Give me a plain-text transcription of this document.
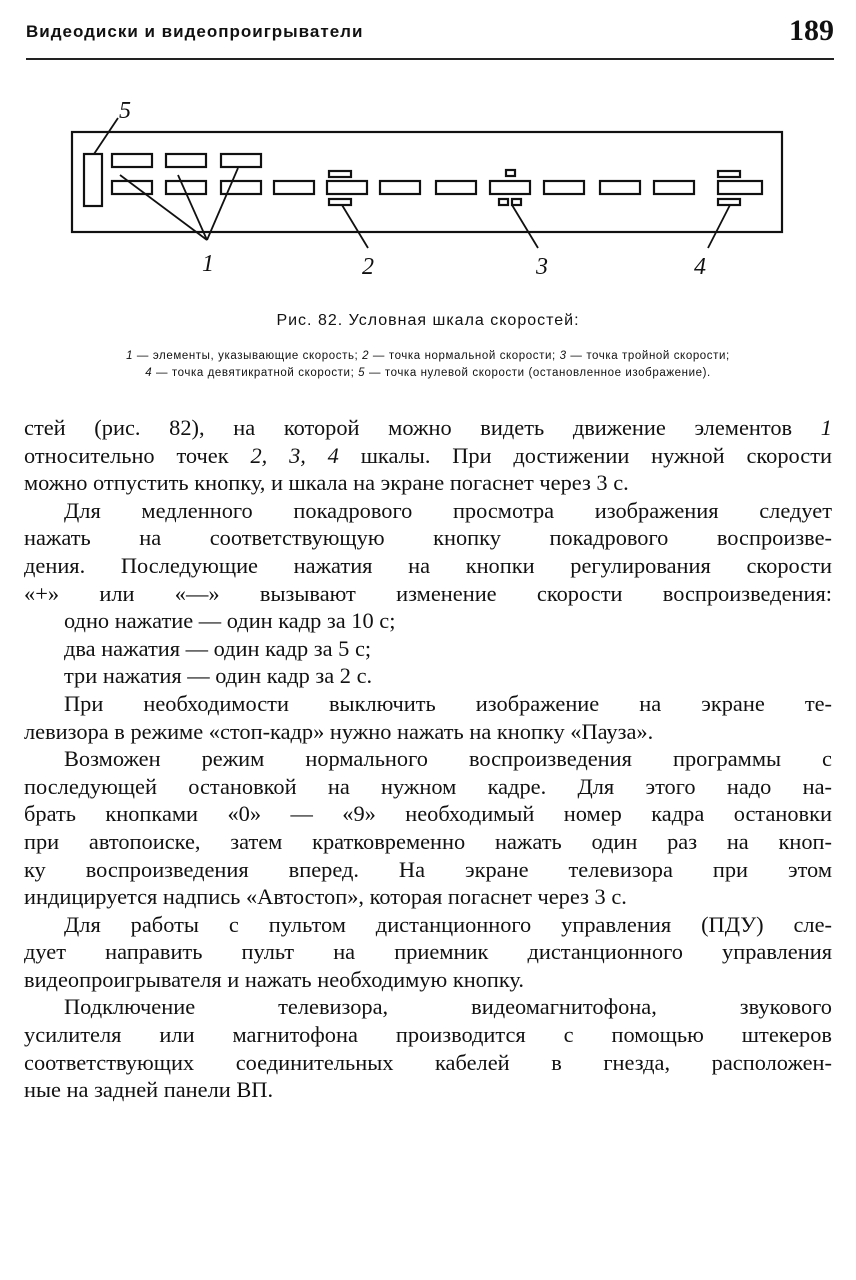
Видеодиски и видеопроигрыватели	189
5
1	2	3	4
Рис. 82. Условная шкала скоростей:
1 — элементы, указывающие скорость; 2 — точка нормальной скорости; 3 — точка тройной скорости;
4 — точка девятикратной скорости; 5 — точка нулевой скорости (остановленное изображение).
стей (рис. 82), на которой можно видеть движение элементов 1
относительно точек 2, 3, 4 шкалы. При достижении нужной скорости
можно отпустить кнопку, и шкала на экране погаснет через 3 с.
Для медленного покадрового просмотра изображения следует
нажать на соответствующую кнопку покадрового воспроизве-
дения. Последующие нажатия на кнопки регулирования скорости
«+» или «—» вызывают изменение скорости воспроизведения:
одно нажатие — один кадр за 10 с;
два нажатия — один кадр за 5 с;
три нажатия — один кадр за 2 с.
При необходимости выключить изображение на экране те-
левизора в режиме «стоп-кадр» нужно нажать на кнопку «Пауза».
Возможен режим нормального воспроизведения программы с
последующей остановкой на нужном кадре. Для этого надо на-
брать кнопками «0» — «9» необходимый номер кадра остановки
при автопоиске, затем кратковременно нажать один раз на кноп-
ку воспроизведения вперед. На экране телевизора при этом
индицируется надпись «Автостоп», которая погаснет через 3 с.
Для работы с пультом дистанционного управления (ПДУ) сле-
дует направить пульт на приемник дистанционного управления
видеопроигрывателя и нажать необходимую кнопку.
Подключение телевизора, видеомагнитофона, звукового
усилителя или магнитофона производится с помощью штекеров
соответствующих соединительных кабелей в гнезда, расположен-
ные на задней панели ВП.
